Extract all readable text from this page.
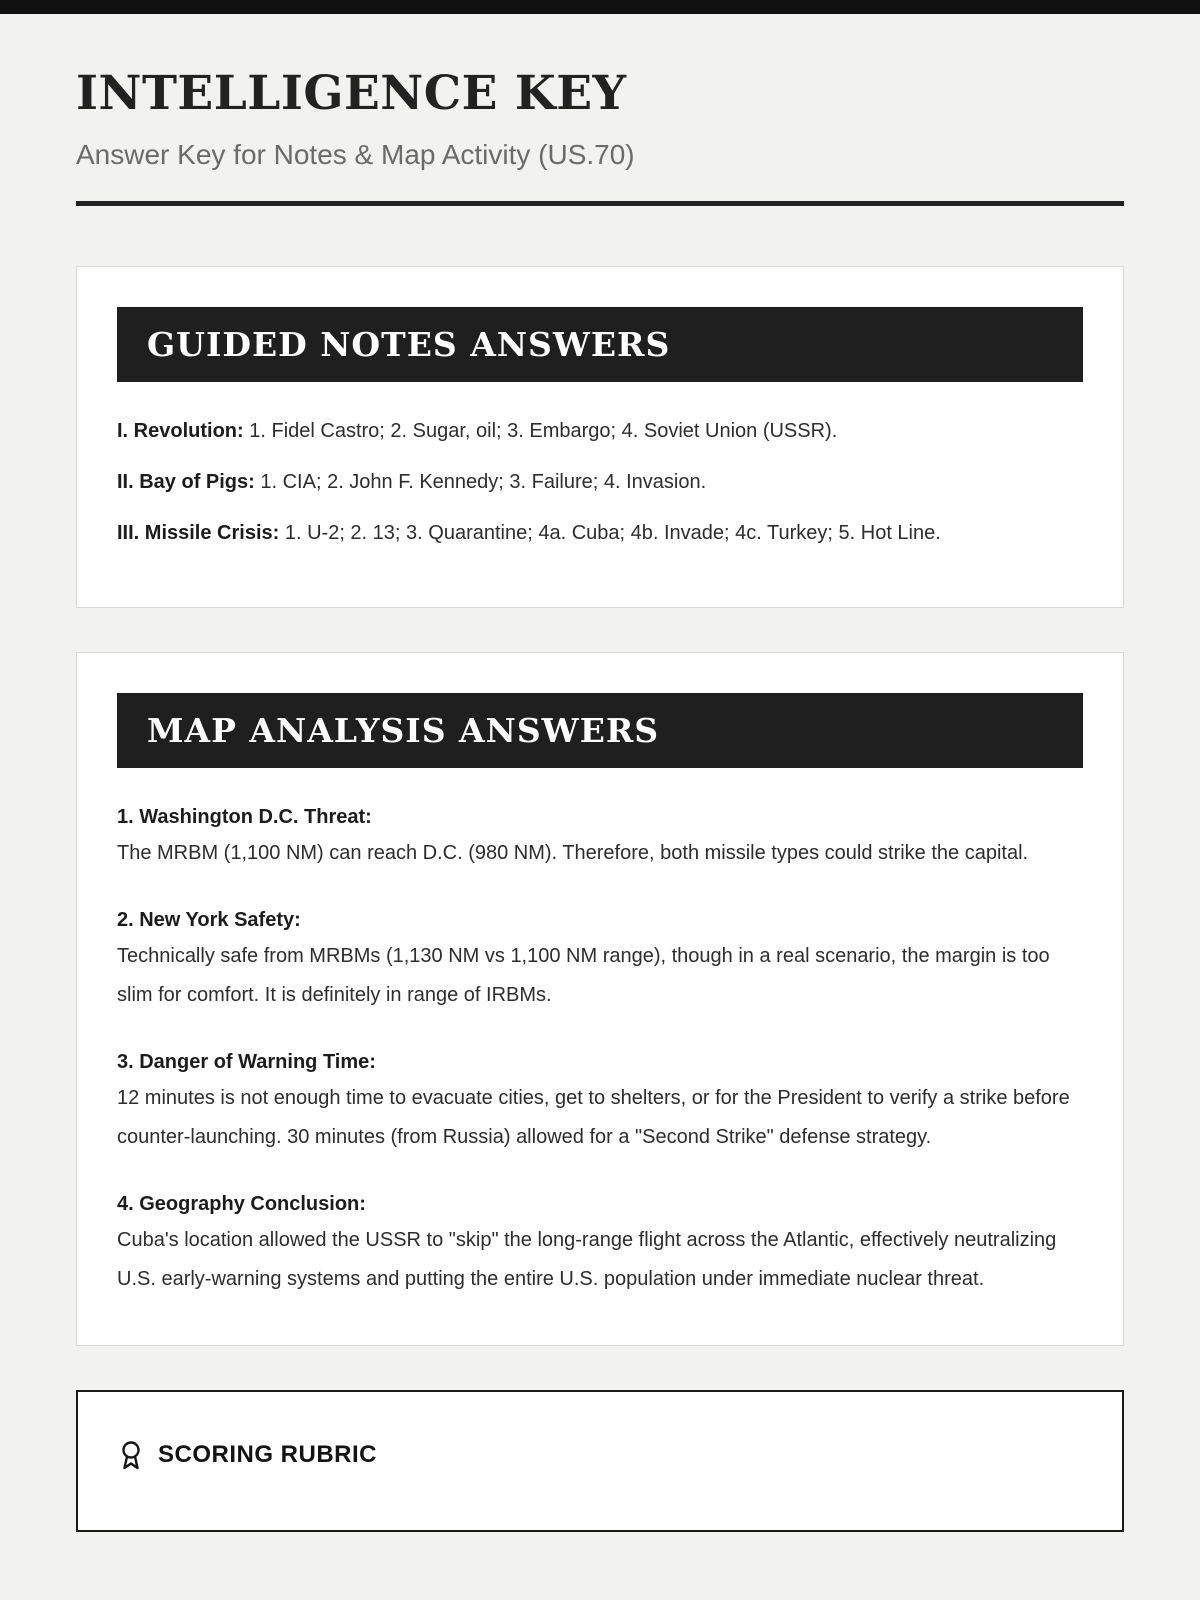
INTELLIGENCE KEY
Answer Key for Notes & Map Activity (US.70)
GUIDED NOTES ANSWERS

I. Revolution: 1. Fidel Castro; 2. Sugar, oil; 3. Embargo; 4. Soviet Union (USSR).

II. Bay of Pigs: 1. CIA; 2. John F. Kennedy; 3. Failure; 4. Invasion.

III. Missile Crisis: 1. U-2; 2. 13; 3. Quarantine; 4a. Cuba; 4b. Invade; 4c. Turkey; 5. Hot Line.

MAP ANALYSIS ANSWERS
1. Washington D.C. Threat:
The MRBM (1,100 NM) can reach D.C. (980 NM). Therefore, both missile types could strike the capital.
2. New York Safety:
Technically safe from MRBMs (1,130 NM vs 1,100 NM range), though in a real scenario, the margin is too slim for comfort. It is definitely in range of IRBMs.
3. Danger of Warning Time:
12 minutes is not enough time to evacuate cities, get to shelters, or for the President to verify a strike before counter-launching. 30 minutes (from Russia) allowed for a "Second Strike" defense strategy.
4. Geography Conclusion:
Cuba's location allowed the USSR to "skip" the long-range flight across the Atlantic, effectively neutralizing U.S. early-warning systems and putting the entire U.S. population under immediate nuclear threat.
SCORING RUBRIC
